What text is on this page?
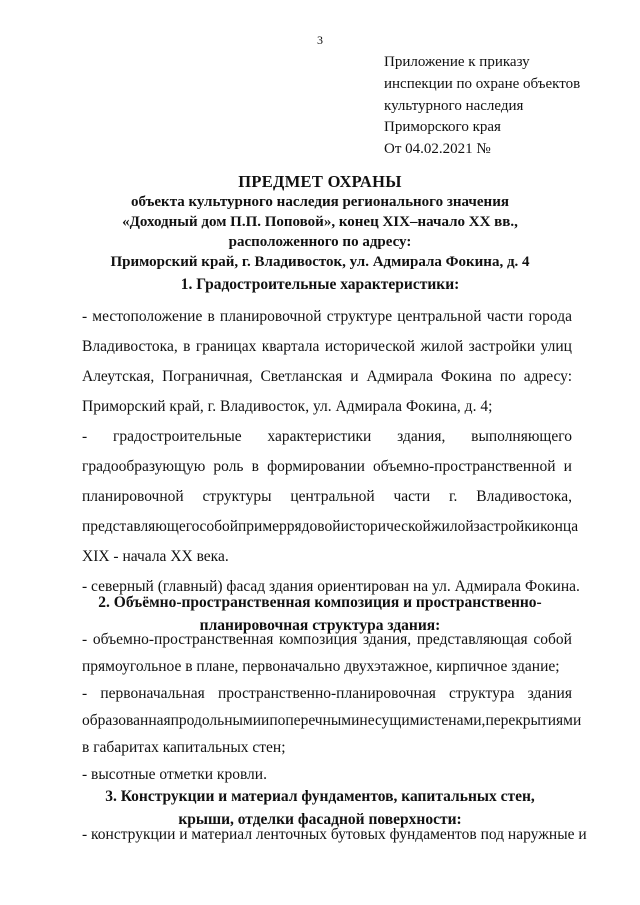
3
Приложение к приказу
инспекции по охране объектов
культурного наследия
Приморского края
От 04.02.2021 №
ПРЕДМЕТ ОХРАНЫ
объекта культурного наследия регионального значения
«Доходный дом П.П. Поповой», конец XIX–начало XX вв.,
расположенного по адресу:
Приморский край, г. Владивосток, ул. Адмирала Фокина, д. 4
1. Градостроительные характеристики:
- местоположение в планировочной структуре центральной части города
Владивостока, в границах квартала исторической жилой застройки улиц
Алеутская, Пограничная, Светланская и Адмирала Фокина по адресу:
Приморский край, г. Владивосток, ул. Адмирала Фокина, д. 4;
- градостроительные характеристики здания, выполняющего
градообразующую роль в формировании объемно-пространственной и
планировочной структуры центральной части г. Владивостока,
представляющего собой пример рядовой исторической жилой застройки конца
XIX - начала XX века.
- северный (главный) фасад здания ориентирован на ул. Адмирала Фокина.
2. Объёмно-пространственная композиция и пространственно-
планировочная структура здания:
- объемно-пространственная композиция здания, представляющая собой
прямоугольное в плане, первоначально двухэтажное, кирпичное здание;
- первоначальная пространственно-планировочная структура здания
образованная продольными и поперечными несущими стенами, перекрытиями
в габаритах капитальных стен;
- высотные отметки кровли.
3. Конструкции и материал фундаментов, капитальных стен,
крыши, отделки фасадной поверхности:
- конструкции и материал ленточных бутовых фундаментов под наружные и
